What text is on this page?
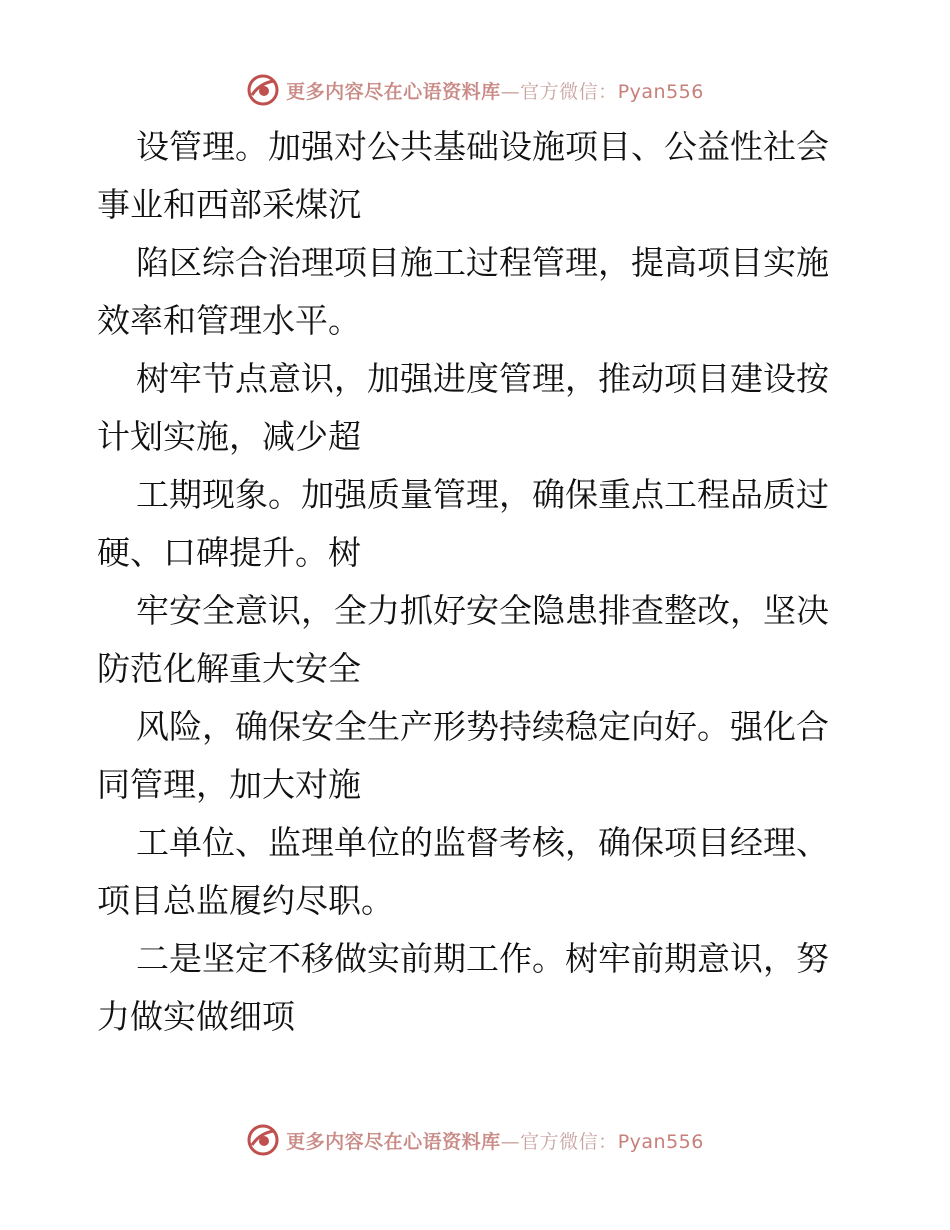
更多内容尽在心语资料库—官方微信：Pyan556

设管理。加强对公共基础设施项目、公益性社会
事业和西部采煤沉

陷区综合治理项目施工过程管理，提高项目实施
效率和管理水平。

树牢节点意识，加强进度管理，推动项目建设按
计划实施，减少超

工期现象。加强质量管理，确保重点工程品质过
硬、口碑提升。树

牢安全意识，全力抓好安全隐患排查整改，坚决
防范化解重大安全

风险，确保安全生产形势持续稳定向好。强化合
同管理，加大对施

工单位、监理单位的监督考核，确保项目经理、
项目总监履约尽职。

二是坚定不移做实前期工作。树牢前期意识，努
力做实做细项

更多内容尽在心语资料库—官方微信：Pyan556
